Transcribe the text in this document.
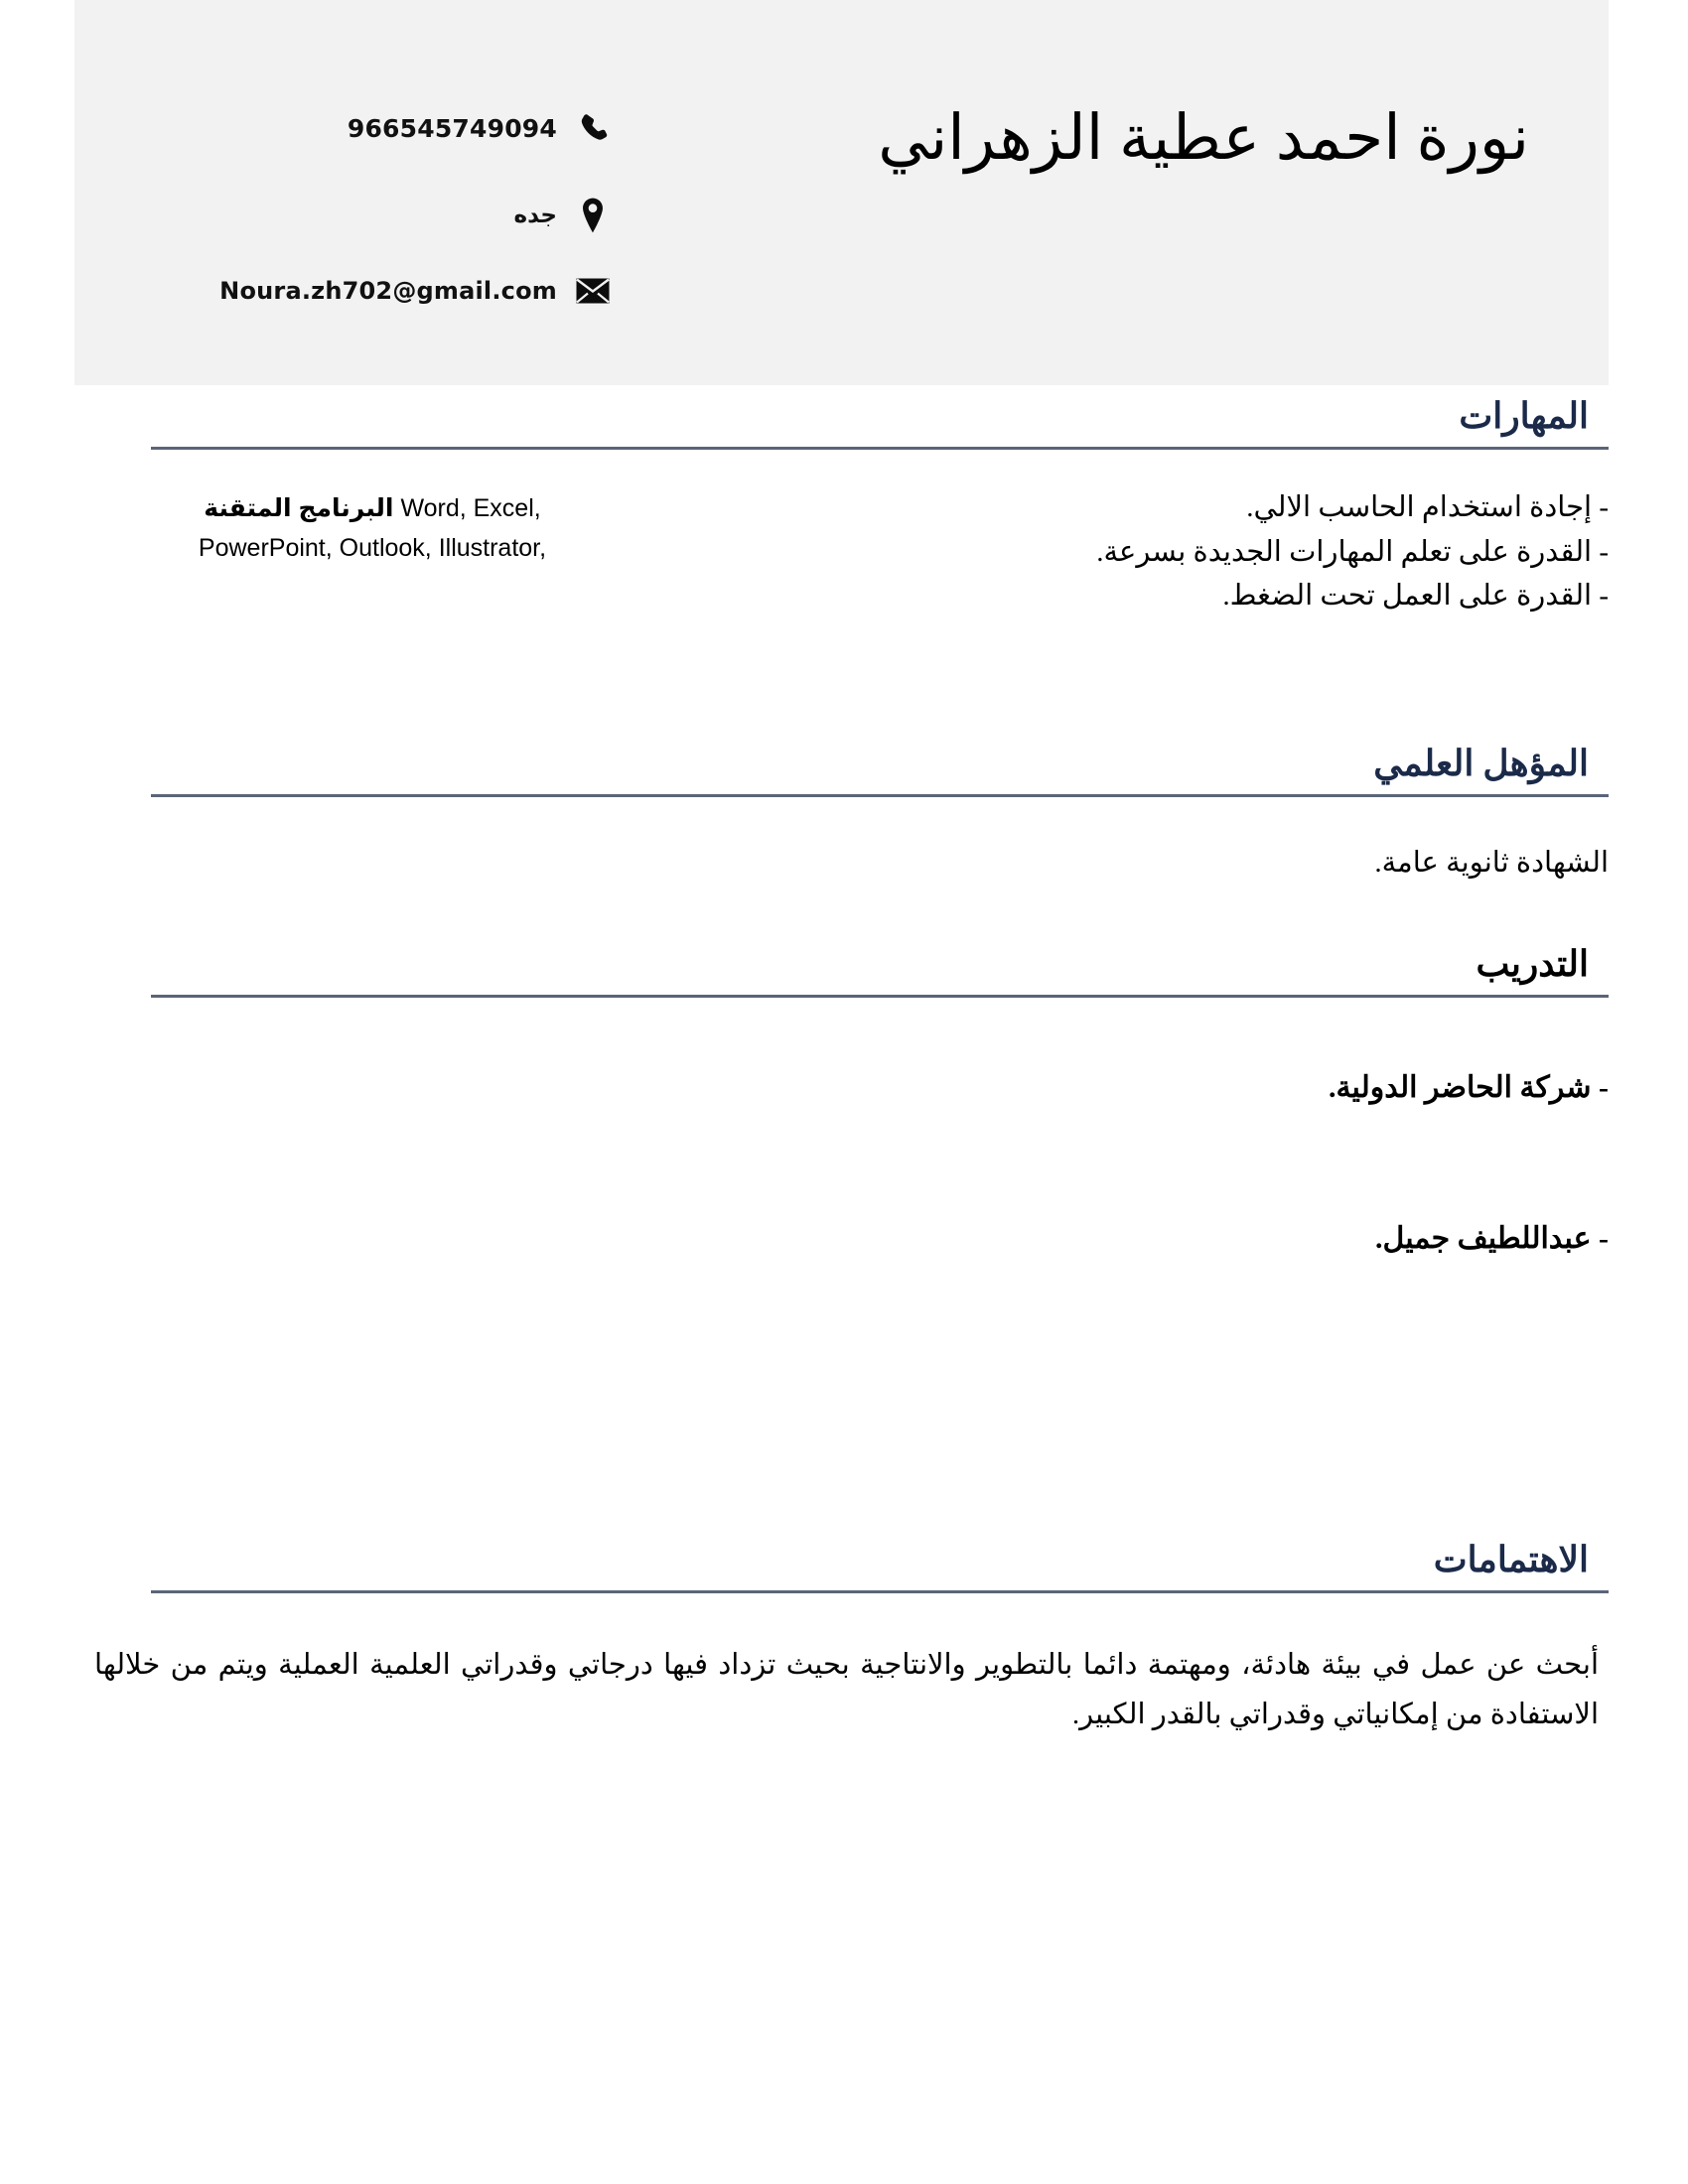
نورة احمد عطية الزهراني
966545749094
جده
Noura.zh702@gmail.com
المهارات
- إجادة استخدام الحاسب الالي.
- القدرة على تعلم المهارات الجديدة بسرعة.
- القدرة على العمل تحت الضغط.
Word, Excel, البرنامج المتقنة
PowerPoint, Outlook, Illustrator,
المؤهل العلمي
الشهادة ثانوية عامة.
التدريب
- شركة الحاضر الدولية.
- عبداللطيف جميل.
الاهتمامات
أبحث عن عمل في بيئة هادئة، ومهتمة دائما بالتطوير والانتاجية بحيث تزداد فيها درجاتي وقدراتي العلمية العملية ويتم من خلالها الاستفادة من إمكانياتي وقدراتي بالقدر الكبير.
